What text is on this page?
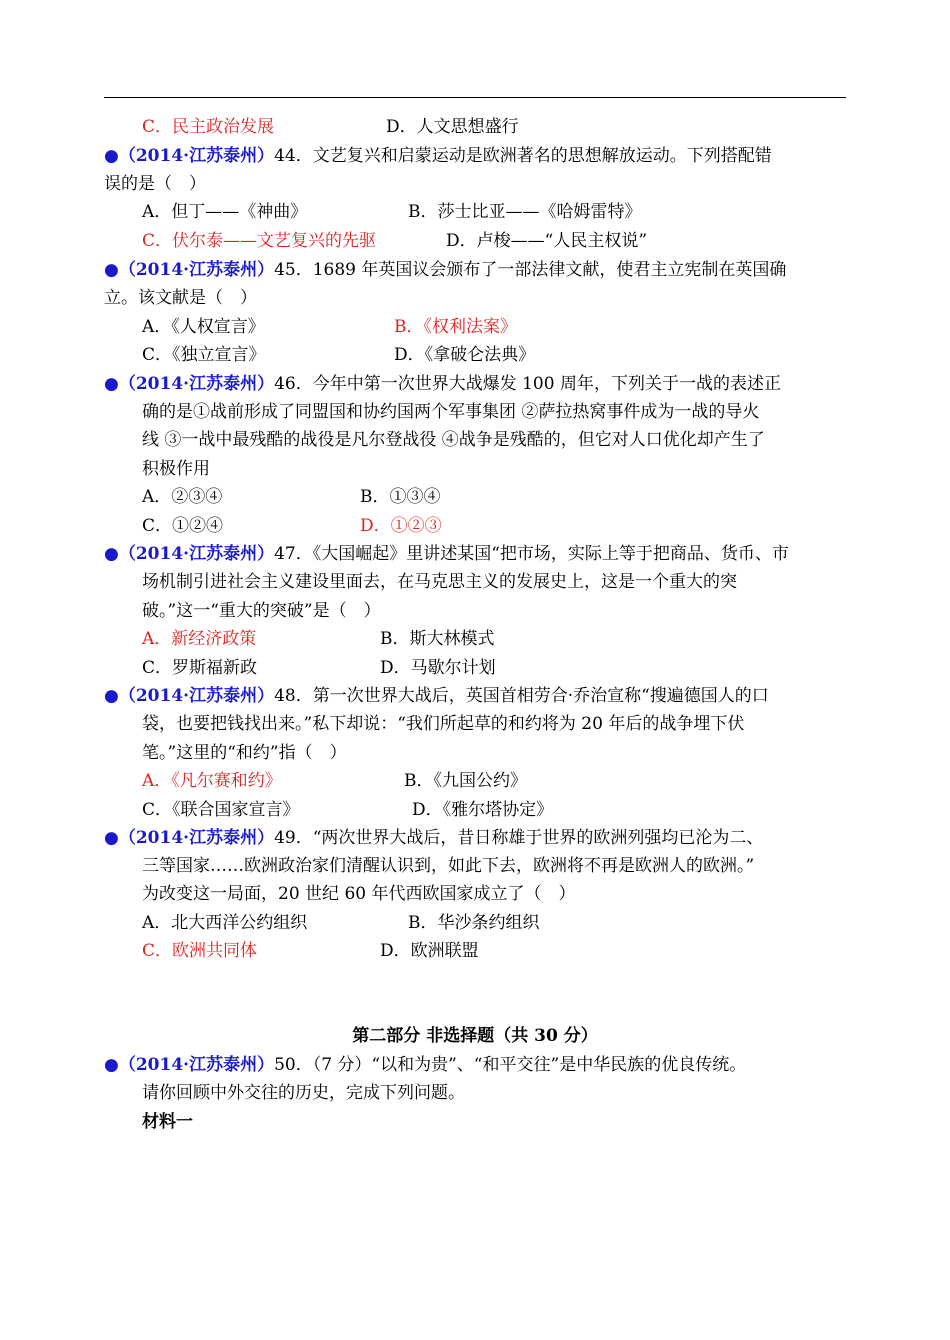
C．民主政治发展	D．人文思想盛行
●（2014·江苏泰州）44．文艺复兴和启蒙运动是欧洲著名的思想解放运动。下列搭配错
误的是（　）
A．但丁——《神曲》	B．莎士比亚——《哈姆雷特》
C．伏尔泰——文艺复兴的先驱	D．卢梭——“人民主权说”
●（2014·江苏泰州）45．1689 年英国议会颁布了一部法律文献，使君主立宪制在英国确
立。该文献是（　）
A．《人权宣言》	B．《权利法案》
C．《独立宣言》	D．《拿破仑法典》
●（2014·江苏泰州）46．今年中第一次世界大战爆发 100 周年，下列关于一战的表述正
确的是①战前形成了同盟国和协约国两个军事集团 ②萨拉热窝事件成为一战的导火
线 ③一战中最残酷的战役是凡尔登战役 ④战争是残酷的，但它对人口优化却产生了
积极作用
A．②③④	B．①③④
C．①②④	D．①②③
●（2014·江苏泰州）47．《大国崛起》里讲述某国“把市场，实际上等于把商品、货币、市
场机制引进社会主义建设里面去，在马克思主义的发展史上，这是一个重大的突
破。”这一“重大的突破”是（　）
A．新经济政策	B．斯大林模式
C．罗斯福新政	D．马歇尔计划
●（2014·江苏泰州）48．第一次世界大战后，英国首相劳合·乔治宣称“搜遍德国人的口
袋，也要把钱找出来。”私下却说：“我们所起草的和约将为 20 年后的战争埋下伏
笔。”这里的“和约”指（　）
A．《凡尔赛和约》	B．《九国公约》
C．《联合国家宣言》	D．《雅尔塔协定》
●（2014·江苏泰州）49．“两次世界大战后，昔日称雄于世界的欧洲列强均已沦为二、
三等国家……欧洲政治家们清醒认识到，如此下去，欧洲将不再是欧洲人的欧洲。”
为改变这一局面，20 世纪 60 年代西欧国家成立了（　）
A．北大西洋公约组织	B．华沙条约组织
C．欧洲共同体	D．欧洲联盟
第二部分 非选择题（共 30 分）
●（2014·江苏泰州）50．（7 分）“以和为贵”、“和平交往”是中华民族的优良传统。
请你回顾中外交往的历史，完成下列问题。
材料一
